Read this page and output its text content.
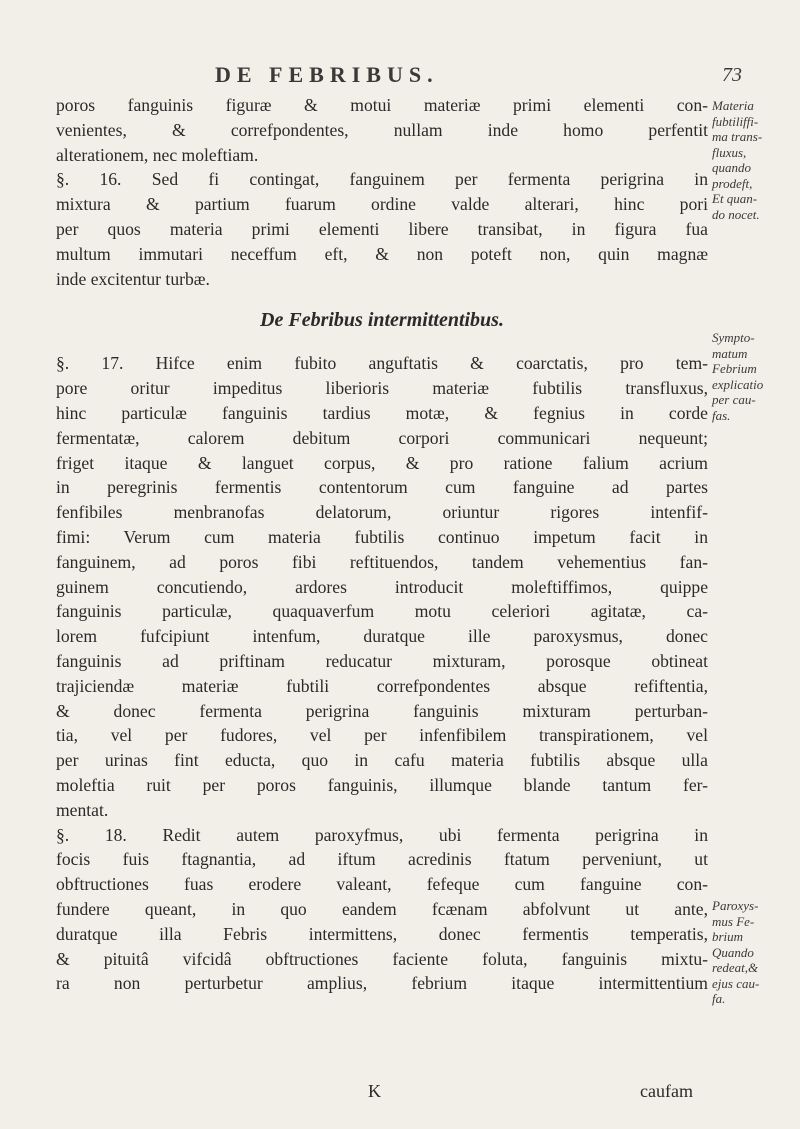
DE FEBRIBUS.	73
poros fanguinis figuræ & motui materiæ primi elementi con-
venientes, & correfpondentes, nullam inde homo perfentit
alterationem, nec moleftiam.
§. 16. Sed fi contingat, fanguinem per fermenta perigrina in
mixtura & partium fuarum ordine valde alterari, hinc pori
per quos materia primi elementi libere transibat, in figura fua
multum immutari neceffum eft, & non poteft non, quin magnæ
inde excitentur turbæ.
De Febribus intermittentibus.
§. 17. Hifce enim fubito anguftatis & coarctatis, pro tem-
pore oritur impeditus liberioris materiæ fubtilis transfluxus,
hinc particulæ fanguinis tardius motæ, & fegnius in corde
fermentatæ, calorem debitum corpori communicari nequeunt;
friget itaque & languet corpus, & pro ratione falium acrium
in peregrinis fermentis contentorum cum fanguine ad partes
fenfibiles menbranofas delatorum, oriuntur rigores intenfif-
fimi: Verum cum materia fubtilis continuo impetum facit in
fanguinem, ad poros fibi reftituendos, tandem vehementius fan-
guinem concutiendo, ardores introducit moleftiffimos, quippe
fanguinis particulæ, quaquaverfum motu celeriori agitatæ, ca-
lorem fufcipiunt intenfum, duratque ille paroxysmus, donec
fanguinis ad priftinam reducatur mixturam, porosque obtineat
trajiciendæ materiæ fubtili correfpondentes absque refiftentia,
& donec fermenta perigrina fanguinis mixturam perturban-
tia, vel per fudores, vel per infenfibilem transpirationem, vel
per urinas fint educta, quo in cafu materia fubtilis absque ulla
moleftia ruit per poros fanguinis, illumque blande tantum fer-
mentat.
§. 18. Redit autem paroxyfmus, ubi fermenta perigrina in
focis fuis ftagnantia, ad iftum acredinis ftatum perveniunt, ut
obftructiones fuas erodere valeant, fefeque cum fanguine con-
fundere queant, in quo eandem fcænam abfolvunt ut ante,
duratque illa Febris intermittens, donec fermentis temperatis,
& pituitâ vifcidâ obftructiones faciente foluta, fanguinis mixtu-
ra non perturbetur amplius, febrium itaque intermittentium
Materia
fubtiliffi-
ma trans-
fluxus,
quando
prodeft,
Et quan-
do nocet.
Sympto-
matum
Febrium
explicatio
per cau-
fas.
Paroxys-
mus Fe-
brium
Quando
redeat,&
ejus cau-
fa.
K	caufam
